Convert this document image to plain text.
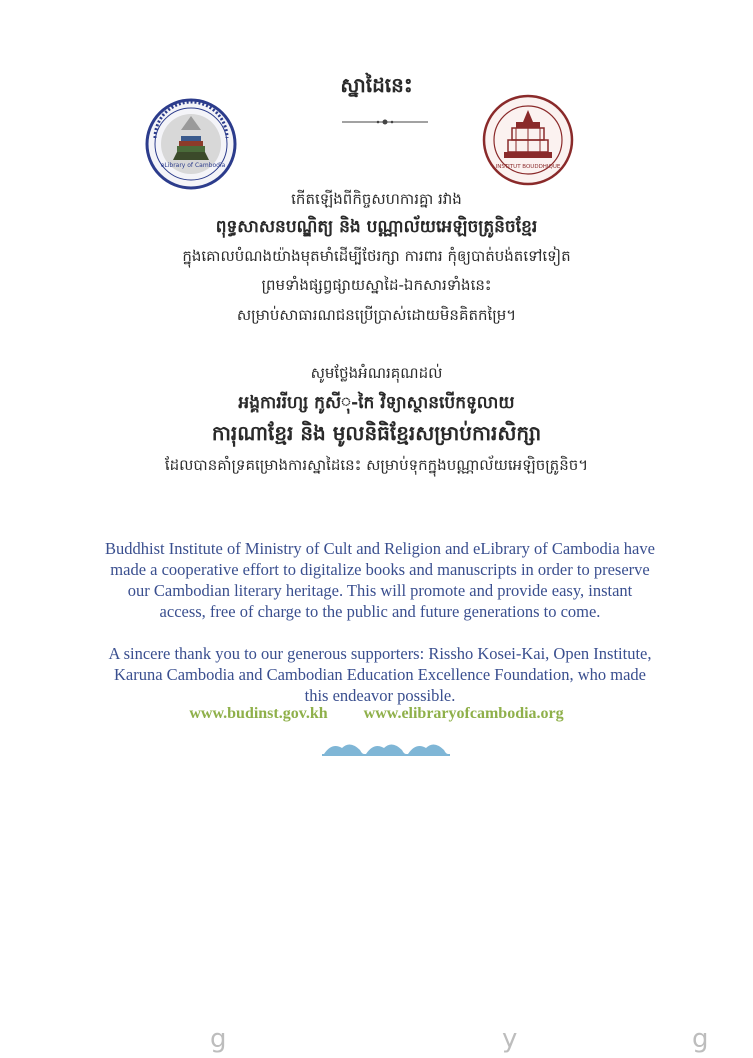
ស្នាដៃនេះ
eLibrary of Cambodia	INSTITUT BOUDDHIQUE
កើតឡើងពីកិច្ចសហការគ្នា រវាង
ពុទ្ធសាសនបណ្ឌិត្យ និង បណ្ណាល័យអេឡិចត្រូនិចខ្មែរ
ក្នុងគោលបំណងយ៉ាងមុតមាំដើម្បីថែរក្សា ការពារ កុំឲ្យបាត់បង់តទៅទៀត
ព្រមទាំងផ្សព្វផ្សាយស្នាដៃ-ឯកសារទាំងនេះ
សម្រាប់សាធារណជនប្រើប្រាស់ដោយមិនគិតកម្រៃ។
សូមថ្លែងអំណរគុណដល់
អង្គការរីហ្ស កូសីុ-កៃ វិទ្យាស្ថានបើកទូលាយ
ការុណាខ្មែរ និង មូលនិធិខ្មែរសម្រាប់ការសិក្សា
ដែលបានគាំទ្រគម្រោងការស្នាដៃនេះ សម្រាប់ទុកក្នុងបណ្ណាល័យអេឡិចត្រូនិច។
Buddhist Institute of Ministry of Cult and Religion and eLibrary of Cambodia have
made a cooperative effort to digitalize books and manuscripts in order to preserve
our Cambodian literary heritage. This will promote and provide easy, instant
access, free of charge to the public and future generations to come.
A sincere thank you to our generous supporters: Rissho Kosei-Kai, Open Institute,
Karuna Cambodia and Cambodian Education Excellence Foundation, who made
this endeavor possible.
www.budinst.gov.kh www.elibraryofcambodia.org
g	y	g
